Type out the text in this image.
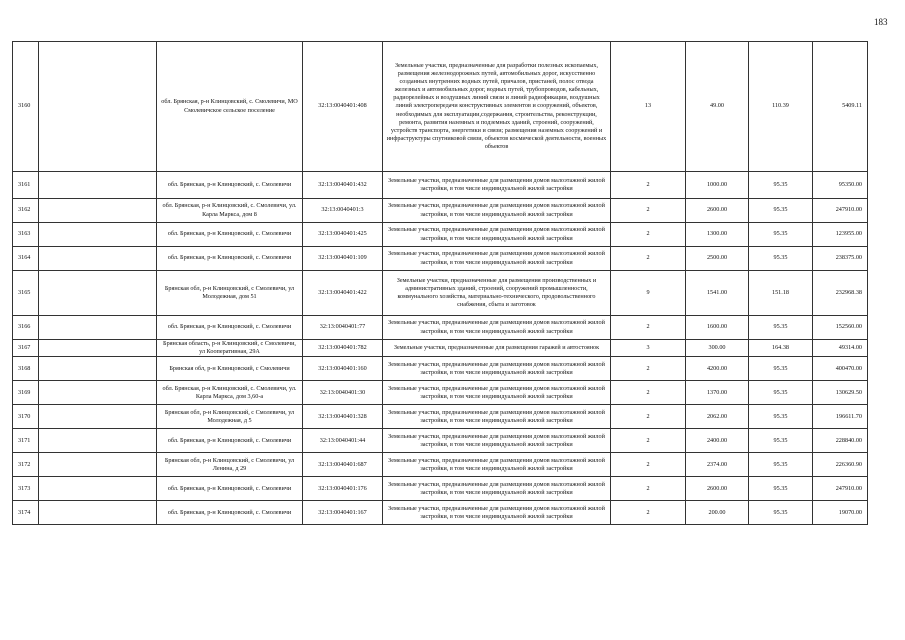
183
3160		обл. Брянская, р-н Клинцовский, с. Смолевичи, МО Смолевичское сельское поселение	32:13:0040401:408	Земельные участки, предназначенные для разработки полезных ископаемых, размещения железнодорожных путей, автомобильных дорог, искусственно созданных внутренних водных путей, причалов, пристаней, полос отвода железных и автомобильных дорог, водных путей, трубопроводов, кабельных, радиорелейных и воздушных линий связи и линий радиофикации, воздушных линий электропередачи конструктивных элементов и сооружений, объектов, необходимых для эксплуатации,содержания, строительства, реконструкции, ремонта, развития наземных и подземных зданий, строений, сооружений, устройств транспорта, энергетики и связи; размещения наземных сооружений и инфраструктуры спутниковой связи, объектов космической деятельности, военных объектов	13	49.00	110.39	5409.11
3161		обл. Брянская, р-н Клинцовский, с. Смолевичи	32:13:0040401:432	Земельные участки, предназначенные для размещения домов малоэтажной жилой застройки, в том числе индивидуальной жилой застройки	2	1000.00	95.35	95350.00
3162		обл. Брянская, р-н Клинцовский, с. Смолевичи, ул. Карла Маркса, дом 8	32:13:0040401:3	Земельные участки, предназначенные для размещения домов малоэтажной жилой застройки, в том числе индивидуальной жилой застройки	2	2600.00	95.35	247910.00
3163		обл. Брянская, р-н Клинцовский, с. Смолевичи	32:13:0040401:425	Земельные участки, предназначенные для размещения домов малоэтажной жилой застройки, в том числе индивидуальной жилой застройки	2	1300.00	95.35	123955.00
3164		обл. Брянская, р-н Клинцовский, с. Смолевичи	32:13:0040401:109	Земельные участки, предназначенные для размещения домов малоэтажной жилой застройки, в том числе индивидуальной жилой застройки	2	2500.00	95.35	238375.00
3165		Брянская обл, р-н Клинцовский, с Смолевичи, ул Молодежная, дом 51	32:13:0040401:422	Земельные участки, предназначенные для размещения производственных и административных зданий, строений, сооружений промышленности, коммунального хозяйства, материально-технического, продовольственного снабжения, сбыта и заготовок	9	1541.00	151.18	232968.38
3166		обл. Брянская, р-н Клинцовский, с. Смолевичи	32:13:0040401:77	Земельные участки, предназначенные для размещения домов малоэтажной жилой застройки, в том числе индивидуальной жилой застройки	2	1600.00	95.35	152560.00
3167		Брянская область, р-н Клинцовский, с Смолевичи, ул Кооперативная, 29А	32:13:0040401:782	Земельные участки, предназначенные для размещения гаражей и автостоянок	3	300.00	164.38	49314.00
3168		Брянская обл, р-н Клинцовский, с Смолевичи	32:13:0040401:160	Земельные участки, предназначенные для размещения домов малоэтажной жилой застройки, в том числе индивидуальной жилой застройки	2	4200.00	95.35	400470.00
3169		обл. Брянская, р-н Клинцовский, с. Смолевичи, ул. Карла Маркса, дом 3,60-а	32:13:0040401:30	Земельные участки, предназначенные для размещения домов малоэтажной жилой застройки, в том числе индивидуальной жилой застройки	2	1370.00	95.35	130629.50
3170		Брянская обл, р-н Клинцовский, с Смолевичи, ул Молодежная, д 5	32:13:0040401:328	Земельные участки, предназначенные для размещения домов малоэтажной жилой застройки, в том числе индивидуальной жилой застройки	2	2062.00	95.35	196611.70
3171		обл. Брянская, р-н Клинцовский, с. Смолевичи	32:13:0040401:44	Земельные участки, предназначенные для размещения домов малоэтажной жилой застройки, в том числе индивидуальной жилой застройки	2	2400.00	95.35	228840.00
3172		Брянская обл, р-н Клинцовский, с Смолевичи, ул Ленина, д 29	32:13:0040401:687	Земельные участки, предназначенные для размещения домов малоэтажной жилой застройки, в том числе индивидуальной жилой застройки	2	2374.00	95.35	226360.90
3173		обл. Брянская, р-н Клинцовский, с. Смолевичи	32:13:0040401:176	Земельные участки, предназначенные для размещения домов малоэтажной жилой застройки, в том числе индивидуальной жилой застройки	2	2600.00	95.35	247910.00
3174		обл. Брянская, р-н Клинцовский, с. Смолевичи	32:13:0040401:167	Земельные участки, предназначенные для размещения домов малоэтажной жилой застройки, в том числе индивидуальной жилой застройки	2	200.00	95.35	19070.00
